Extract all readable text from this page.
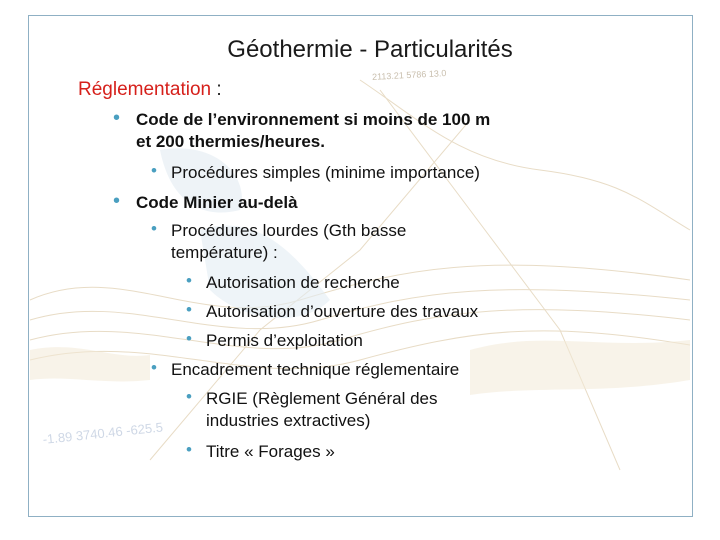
2113.21 5786 13.0
-1.89 3740.46 -625.5
Géothermie - Particularités
Réglementation :
• Code de l’environnement si moins de 100 m
et 200 thermies/heures.
• Procédures simples (minime importance)
• Code Minier au-delà
• Procédures lourdes (Gth basse
température) :
• Autorisation de recherche
• Autorisation d’ouverture des travaux
• Permis d’exploitation
• Encadrement technique réglementaire
• RGIE (Règlement Général des
industries extractives)
• Titre « Forages »
